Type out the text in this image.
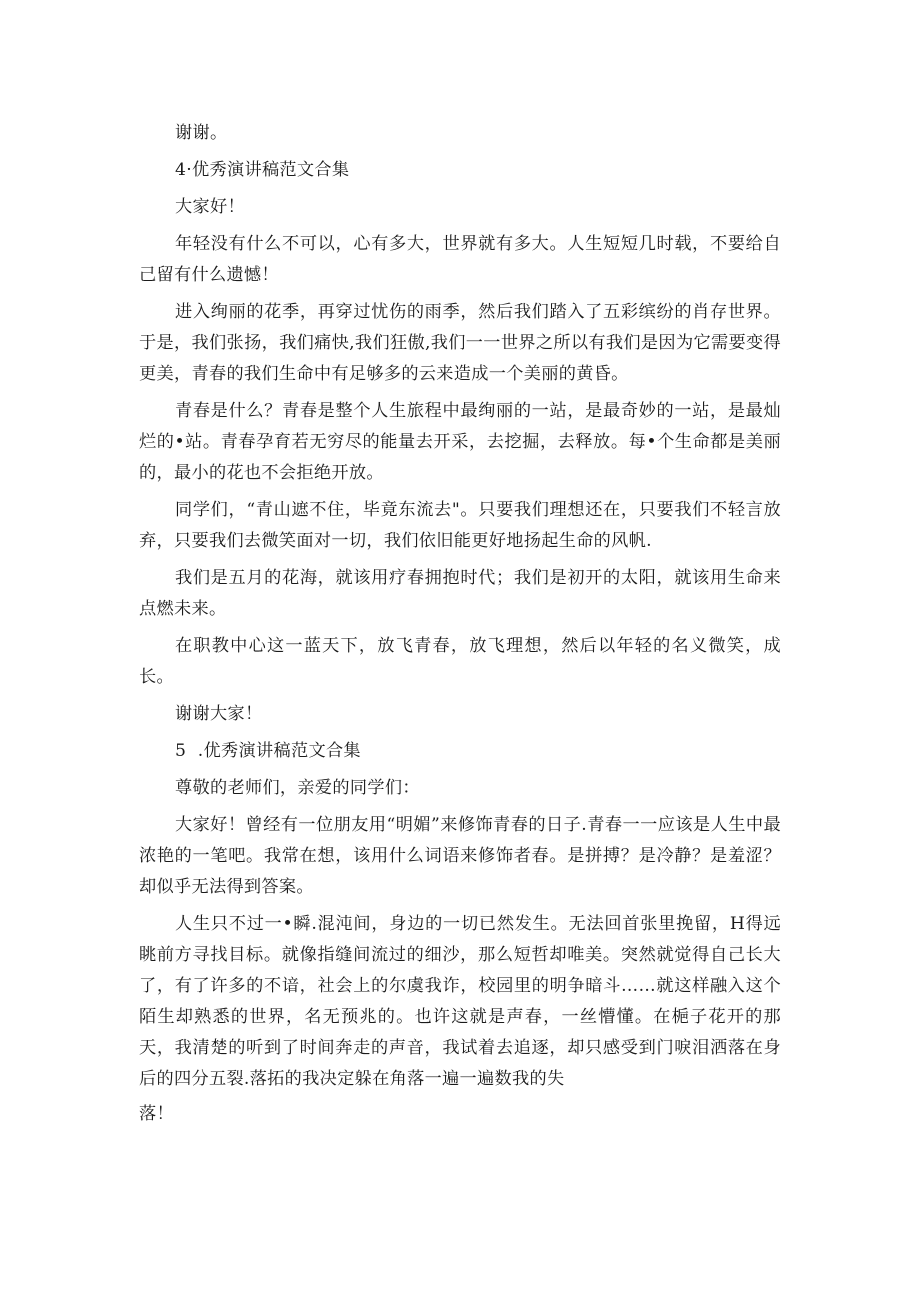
谢谢。

4·优秀演讲稿范文合集

大家好！

年轻没有什么不可以，心有多大，世界就有多大。人生短短几时载，不要给自己留有什么遗憾！

进入绚丽的花季，再穿过忧伤的雨季，然后我们踏入了五彩缤纷的肖存世界。于是，我们张扬，我们痛快,我们狂傲,我们一一世界之所以有我们是因为它需要变得更美，青春的我们生命中有足够多的云来造成一个美丽的黄昏。

青春是什么？青春是整个人生旅程中最绚丽的一站，是最奇妙的一站，是最灿烂的•站。青春孕育若无穷尽的能量去开采，去挖掘，去释放。每•个生命都是美丽的，最小的花也不会拒绝开放。

同学们，“青山遮不住，毕竟东流去"。只要我们理想还在，只要我们不轻言放弃，只要我们去微笑面对一切，我们依旧能更好地扬起生命的风帆.

我们是五月的花海，就该用疗春拥抱时代；我们是初开的太阳，就该用生命来点燃未来。

在职教中心这一蓝天下，放飞青春，放飞理想，然后以年轻的名义微笑，成长。

谢谢大家！

5  .优秀演讲稿范文合集

尊敬的老师们，亲爱的同学们：

大家好！曾经有一位朋友用“明媚”来修饰青春的日子.青春一一应该是人生中最浓艳的一笔吧。我常在想，该用什么词语来修饰者春。是拼搏？是冷静？是羞涩？却似乎无法得到答案。

人生只不过一•瞬.混沌间，身边的一切已然发生。无法回首张里挽留，H得远眺前方寻找目标。就像指缝间流过的细沙，那么短哲却唯美。突然就觉得自己长大了，有了许多的不谙，社会上的尔虞我诈，校园里的明争暗斗……就这样融入这个陌生却熟悉的世界，名无预兆的。也许这就是声春，一丝懵懂。在梔子花开的那天，我清楚的听到了时间奔走的声音，我试着去追逐，却只感受到门唳泪洒落在身后的四分五裂.落拓的我决定躲在角落一遍一遍数我的失

落！
